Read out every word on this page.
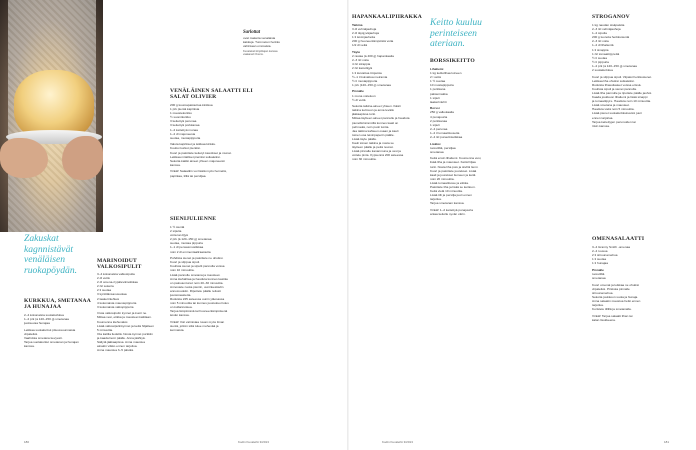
Sarlottat
ovat makeita venalaisia
kakkuja. Tummetun herkku
vahintaan ommaisia.
Kuvateksti kirjoittajan kanssa
vaakaneli Ovens.
Zakuskat
kagnnistävät
venäläisen
ruokapöydän.
KURKKUA, SMETANAA
JA HUNAJAA
2–4 kokonaista suolakurkkua
1–2 prk (à 120–150 g) smetanaa
juoksevaa hunajaa
Leikkaa suolakurkut pituussuunnaisia
viipaleiksi.
Vaahdota smetana kevyesti.
Tarjoa suolakurkut smetanan ja hunajan
kanssa.
MARINOIDUT
VALKOSIPULIT
3–4 kokonaista valkosipulia
2 dl vettä
2 dl omena-/rypäleviinietikkaa
2 rkl sokeria
2 tl suolaa
3 kynttilänsavusuolaa
2 laakerinlehteä
4 kokonaista maustepippuria
3 kokonaista valkopippuria
Irrota valkosipulin kynnet ja kuori ne.
Mittaa vesi, etikka ja mausteet kattilaan.
Kuumenna kiehuvaksi.
Lisää valkosipulinkynnet ja keitä hiljalleen
5 minuuttia.
Ota kattila liedeltä. Nosta kynnet purkkiin
ja kaada liemi päälle. Anna jäähtyä.
Säilytä jääkaapissa. Anna maustua
ainakin viikko ennen tarjoilua.
Anna maustua 3–5 päivää.
VENÄLÄINEN SALAATTI ELI
SALAT OLIVIER
200 g kuumapaistettua kinkkua
1 prk pientä kapriksia
1 maustekurkku
½ suomikurkku
3 keitettyä perunaa
3 keitettyä porkkanaa
1–2 keitettyä munaa
1–2 dl majoneesia
suolaa, mustapippuria
Valuta kaprikset ja leikkaa kinkku.
Kuutioi kurkut pieniksi.
Kuori ja paloittele keitetyt kasvikset ja munat.
Leikkaa mitalliset pieniksi suikaleiksi.
Sekoita kaikki aineet yhteen majoneesin
kanssa.
Vinkki! Salaattiin voi lisätä myös herneitä,
paprikaa, tilliä tai persiljaa.
SIENIJULIENNE
1 ½ sientä
2 sipulia
voita tai öljyä
2 prk (à 120–150 g) smetanaa
suolaa, mustaa pippuria
1–1 dl pensasmustikkaa
noin 2 dl emmentaaliraastetta
Puhdista sienet ja paloittele ne ohuiksi.
Kuori ja silppua sipuli.
Kuullota sienet ja sipulit pannulla voissa
noin 10 minuuttia.
Lisää pannulle smetana ja mausteet.
Anna kiehahtaa ja hauduta kunnes kastike
on paksuuntunut noin 20–30 minuuttia.
Annostele ruoka pieniin, uuninkestäviin
annosvuokiin. Ripottele päälle reilusti
juustoraastetta.
Ruskista 225 asteessa uunin yläosassa
noin 5 minuuttia tai kunnes juustokuorrutus
on kullanruskea.
Tarjoa lämpimänä tai huoneenlämpöisenä
leivän kanssa.
Vinkki! Voit valmistaa ruuan myös ilman
sieniä, jolloin siitä tulee mehevää ja
kermaista.
HAPANKAALIPIIRAKKA
Taikina
3 dl vehnäjauhoja
2 dl täysjyväjauhoja
1 tl leivinjauhetta
200 g huoneenlämpöistä voita
1/2 dl vettä
Täyte
2 rasiaa (à 400 g) hapankaalia
2–3 rkl voita
4 rkl siirappia
2 rkl kasviöljyä
1 tl kuivattua timjamia
½–1 tl kuivattua meiramia
½ tl mustapippuria
1 prk (120–150 g) smetanaa
Pinnalle
1 muna voiteluun
½ dl vettä
Sekoita taikina-aineet yhteen. Kääri
taikina kelmuun ja anna levätä
jääkaapissa tunti.
Mittaa täytteen aineet pannulle ja hauduta
pienellä lämmöllä kunnes kaali on
pehmeää, noin puoli tuntia.
Jaa taikina kahteen osaan ja kauli
toinen osa leivinpaperin päälle.
Lisää täyte päälle.
Kauli toinen taikina ja nosta se
täytteen päälle ja peitä reunat.
Lisää pinnalle kananmuna ja vesi ja
voitele pinta. Kypsennä 200 asteessa
noin 30 minuuttia.
Keitto kuuluu
perinteiseen
ateriaan.
BORSSIKEITTO
Lihaliemi
1 kg keittolihaa luineen
2 l vettä
1 ½ suolaa
10 mustapippuria
1 porkkana
palsternakka
1 sipuli
laakerinlehti
Borssi
250 g valkokaalia
4 punajuurta
2 porkkanaa
1 sipuli
2–4 perunaa
1–2 tl tomaattisosetta
2–4 rkl punaviinietikkaa
Lisäksi
tuoretilliä, persiljaa
smetanaa
Keitä ensin lihaliemi. Kuumenna vesi,
lisää liha ja mausteet. Keitä hiljaa
tunti. Nosta liha pois ja siivilöi liemi.
Kuori ja paloittele juurekset. Lisää
kaali ja juurekset liemeen ja keitä
noin 20 minuuttia.
Lisää tomaattisose ja etikka.
Paloittele liha ja lisää se keittoon.
Keitä vielä 10 minuuttia.
Lisää tilli ja persilja juuri ennen
tarjoilua.
Tarjoa smetanan kanssa.
Vinkki! 1–2 keitettyä punajuurta
antaa keitolle syvän värin.
STROGANOV
1 kg naudan sisäpaistia
2–3 rkl vehnäjauhoja
1–2 sipulia
200 g tuoreita herkkusieniä
2–3 rkl voita
1–2 dl lihalientä
1 tl sinappia
1 rkl tomaattipyrettä
½ tl suolaa
½ tl pippuria
1–2 prk (à 120–150 g) smetanaa
2 suolakurkkua
Kuori ja silppua sipuli. Viipaloi herkkusienet.
Leikkaa liha ohuiksi suikaleiksi.
Ruskista lihasuikaleet voissa erissä.
Kuullota sipuli ja sienet pannulla.
Lisää liha pannulle ja ripottele päälle jauhot.
Kaada joukkoon lihaliemi ja lisää sinappi
ja tomaattipyre. Hauduta noin 10 minuuttia.
Lisää smetana ja mausteet.
Hauduta vielä noin 5 minuuttia.
Lisää pienet suolakurkkukuutiot juuri
ennen tarjoilua.
Tarjoa keitettyjen perunoiden tai
riisin kanssa.
OMENASALAATTI
3–4 Granny Smith -omenaa
2–4 ruusua
2 tl sitruunamehua
1 tl suolaa
1 tl hunajaa
Pinnalle
tuoretilliä
smetanaa
Kuori omenat ja leikkaa ne ohuiksi
viipaleiksi. Pirskota pinnalle
sitruunamehua.
Sekoita joukkoon suola ja hunaja.
Anna salaatin maustua hetki ennen
tarjoilua.
Koristele tillillä ja smetanalla.
Vinkki! Tarjoa salaatti lihan tai
kalan lisukkeena.
180	Kodin Kuvalehti 3/2013	Kodin Kuvalehti 3/2013	181
